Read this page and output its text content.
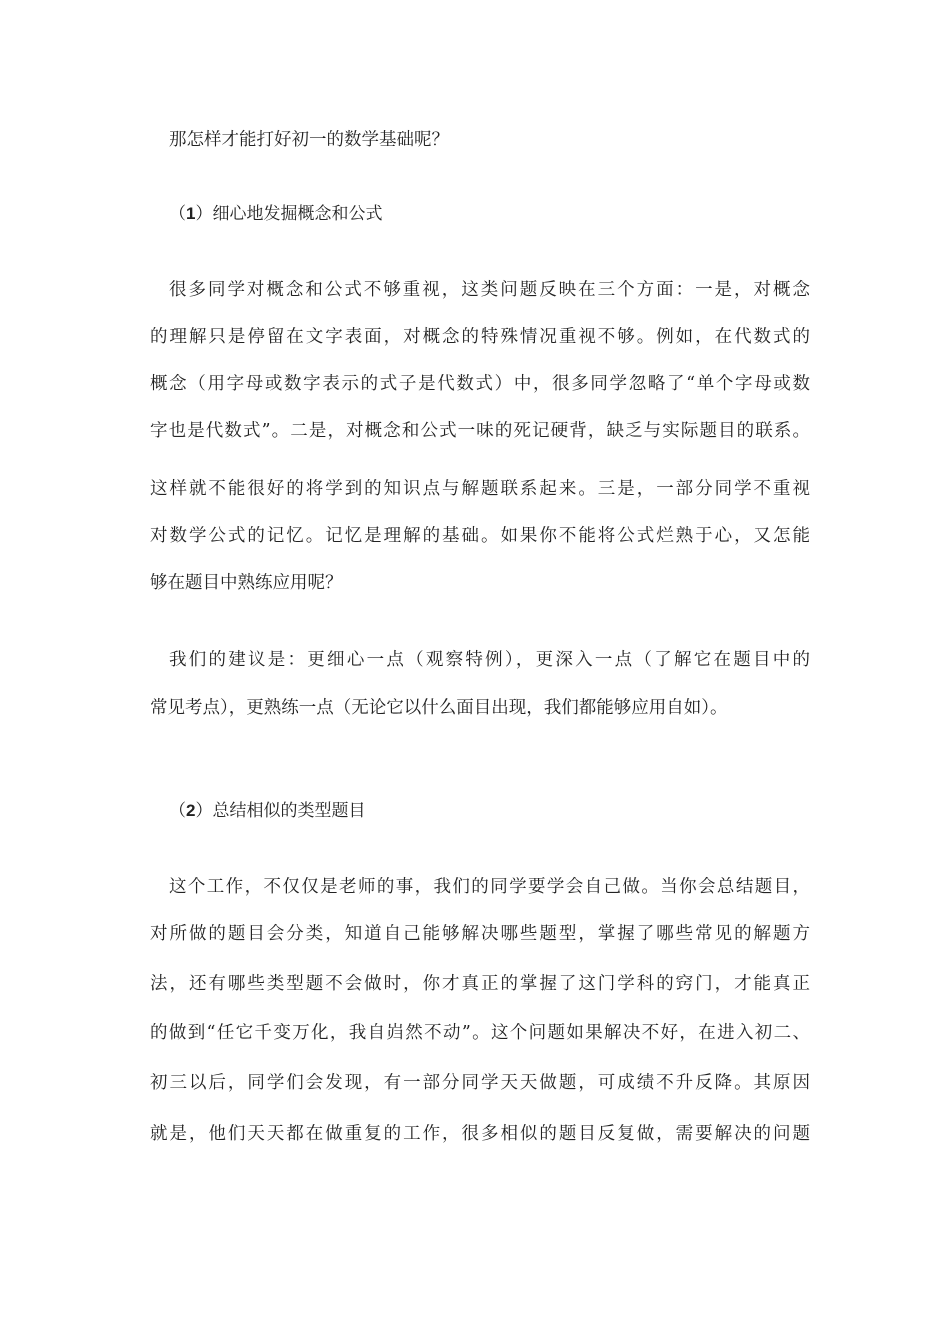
那怎样才能打好初一的数学基础呢？
（1）细心地发掘概念和公式
很多同学对概念和公式不够重视，这类问题反映在三个方面：一是，对概念
的理解只是停留在文字表面，对概念的特殊情况重视不够。例如，在代数式的
概念（用字母或数字表示的式子是代数式）中，很多同学忽略了“单个字母或数
字也是代数式”。二是，对概念和公式一味的死记硬背，缺乏与实际题目的联系。
这样就不能很好的将学到的知识点与解题联系起来。三是，一部分同学不重视
对数学公式的记忆。记忆是理解的基础。如果你不能将公式烂熟于心，又怎能
够在题目中熟练应用呢？
我们的建议是：更细心一点（观察特例），更深入一点（了解它在题目中的
常见考点），更熟练一点（无论它以什么面目出现，我们都能够应用自如）。
（2）总结相似的类型题目
这个工作，不仅仅是老师的事，我们的同学要学会自己做。当你会总结题目，
对所做的题目会分类，知道自己能够解决哪些题型，掌握了哪些常见的解题方
法，还有哪些类型题不会做时，你才真正的掌握了这门学科的窍门，才能真正
的做到“任它千变万化，我自岿然不动”。这个问题如果解决不好，在进入初二、
初三以后，同学们会发现，有一部分同学天天做题，可成绩不升反降。其原因
就是，他们天天都在做重复的工作，很多相似的题目反复做，需要解决的问题
